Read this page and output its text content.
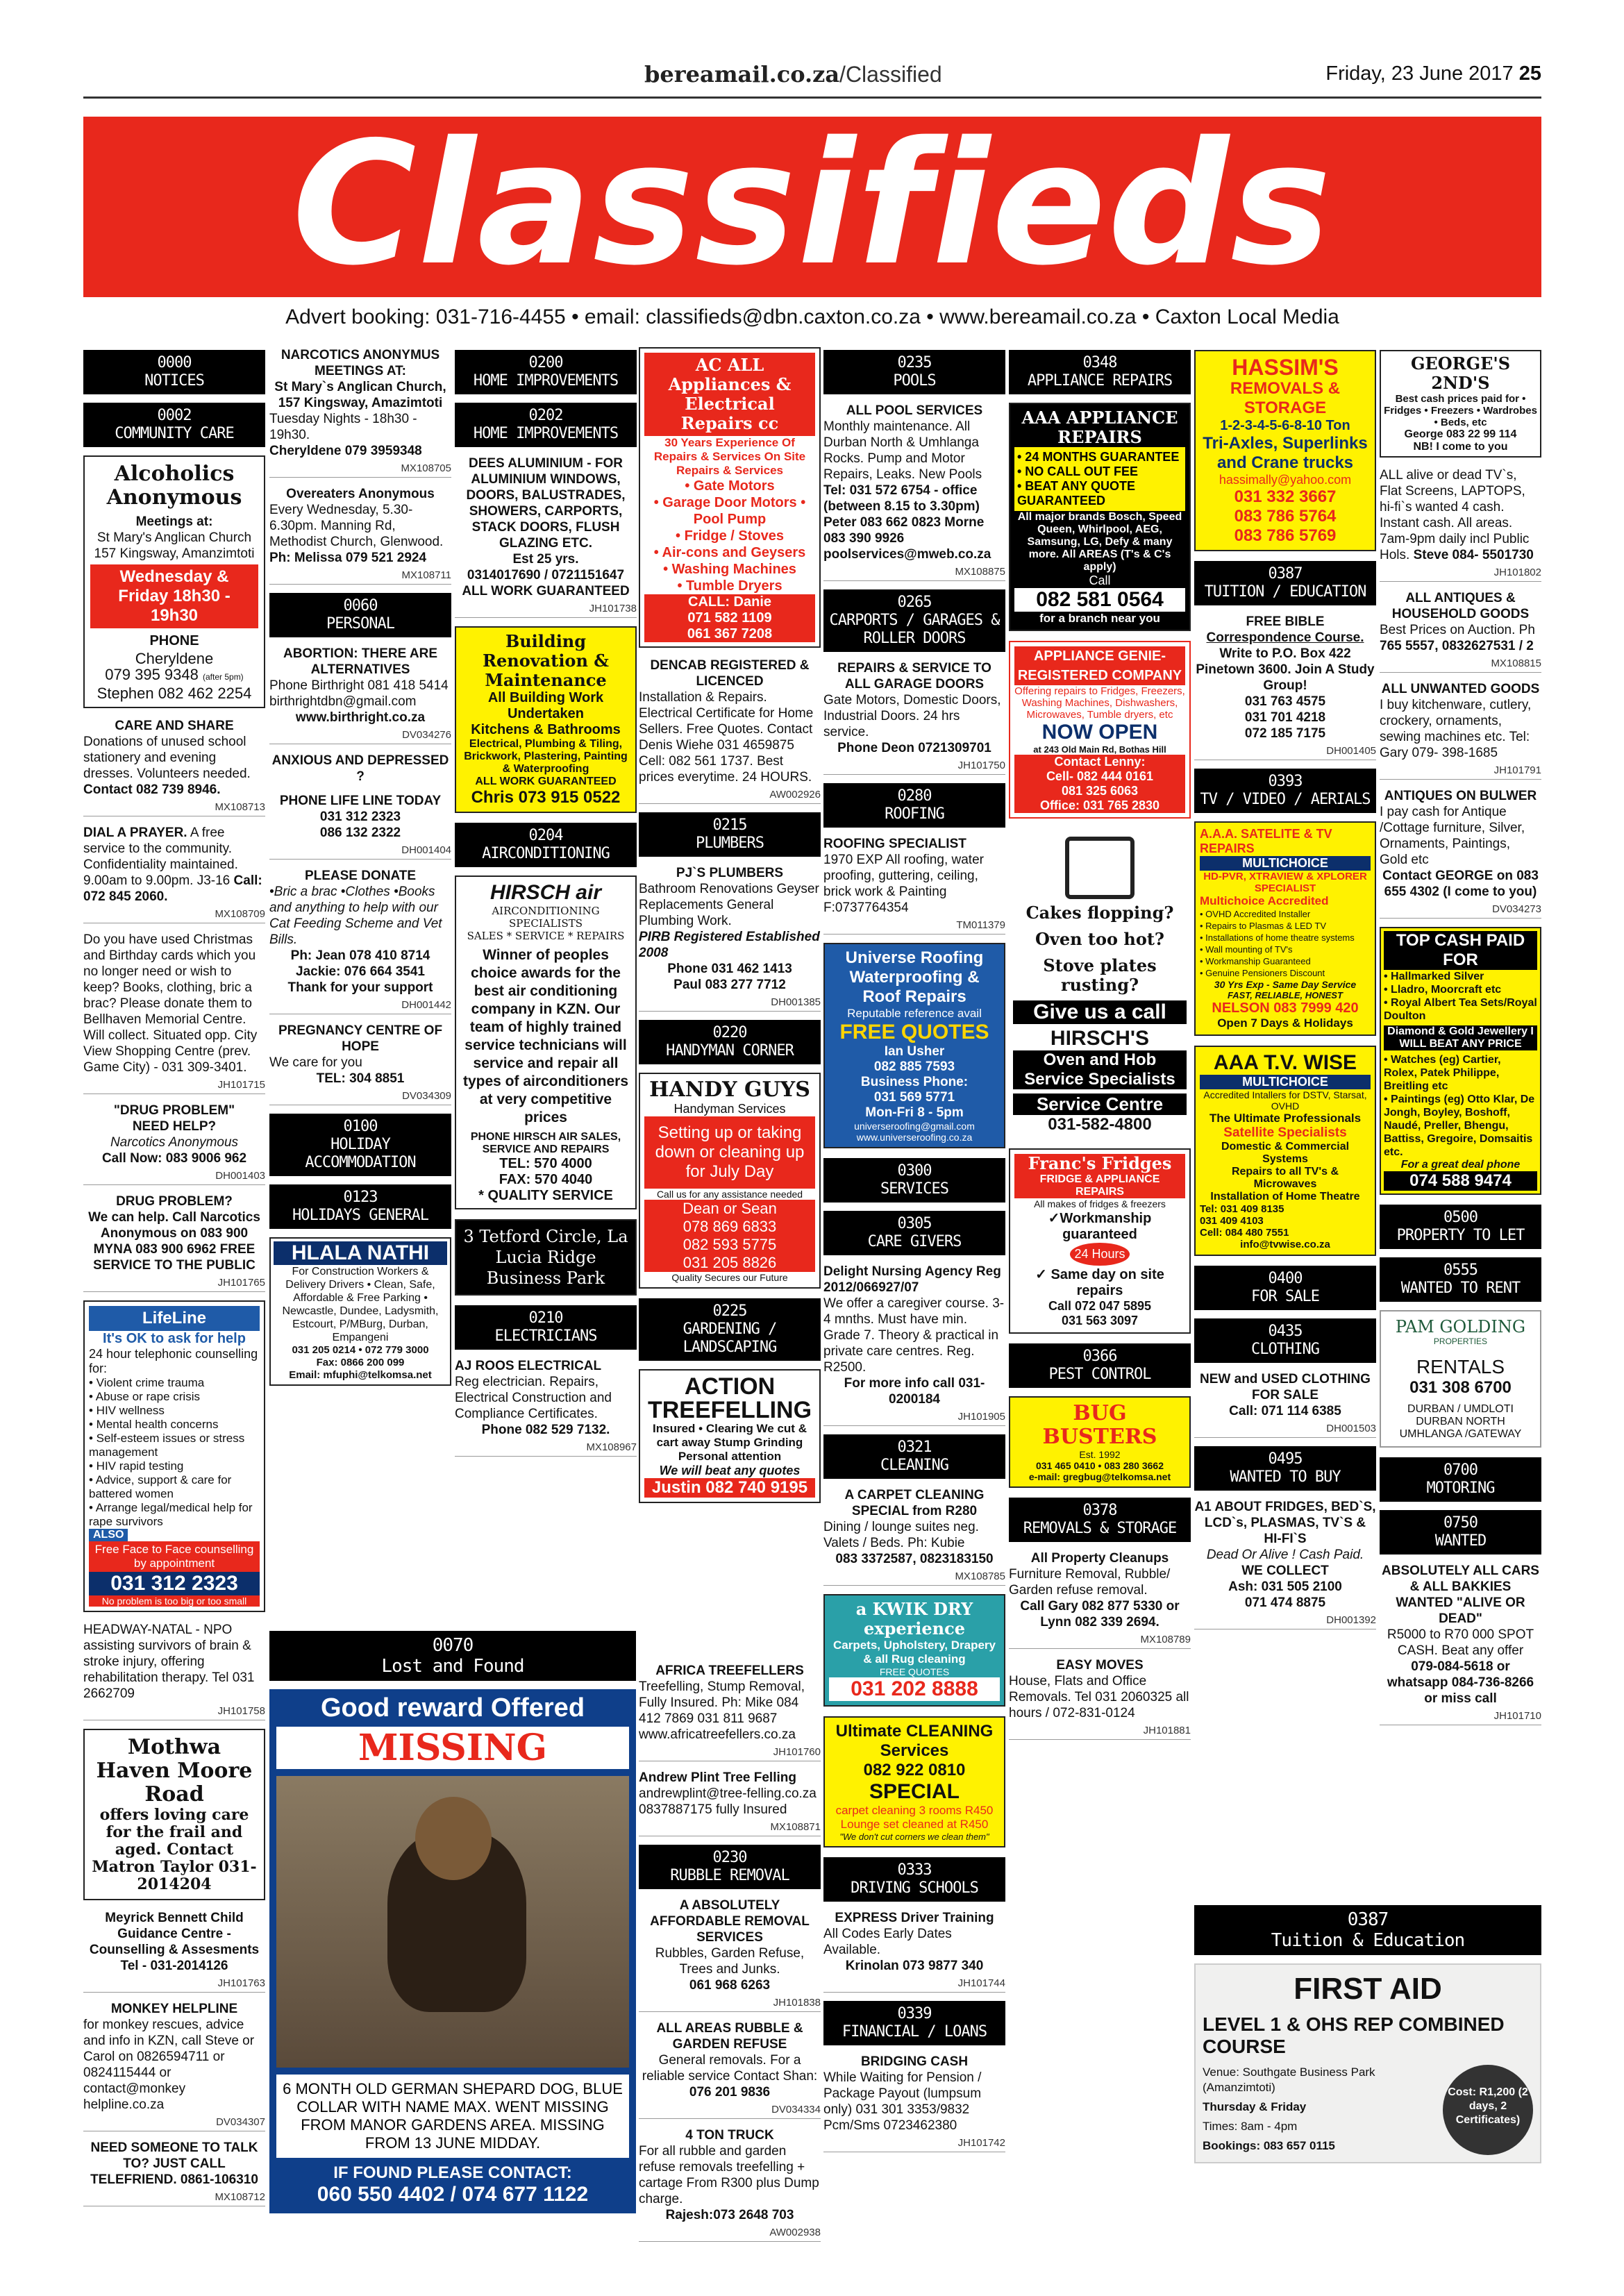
bereamail.co.za/Classified	Friday, 23 June 2017 25
Classifieds
Advert booking: 031-716-4455 • email: classifieds@dbn.caxton.co.za • www.bereamail.co.za • Caxton Local Media
0000
NOTICES
0002
COMMUNITY CARE
Alcoholics Anonymous
Meetings at:
St Mary's Anglican Church 157 Kingsway, Amanzimtoti
Wednesday & Friday 18h30 - 19h30
PHONE
Cheryldene
079 395 9348 (after 5pm)
Stephen 082 462 2254
CARE AND SHARE
Donations of unused school stationery and evening dresses. Volunteers needed. Contact 082 739 8946.
MX108713
DIAL A PRAYER. A free service to the community. Confidentiality maintained. 9.00am to 9.00pm. J3-16 Call: 072 845 2060.
MX108709
Do you have used Christmas and Birthday cards which you no longer need or wish to keep? Books, clothing, bric a brac? Please donate them to Bellhaven Memorial Centre. Will collect. Situated opp. City View Shopping Centre (prev. Game City) - 031 309-3401.
JH101715
"DRUG PROBLEM"
NEED HELP?
Narcotics Anonymous
Call Now: 083 9006 962
DH001403
DRUG PROBLEM?
We can help. Call Narcotics Anonymous on 083 900 MYNA 083 900 6962 FREE SERVICE TO THE PUBLIC
JH101765
LifeLine
It's OK to ask for help
24 hour telephonic counselling for:
• Violent crime trauma
• Abuse or rape crisis
• HIV wellness
• Mental health concerns
• Self-esteem issues or stress management
• HIV rapid testing
• Advice, support & care for battered women
• Arrange legal/medical help for rape survivors
ALSO
Free Face to Face counselling by appointment
031 312 2323
No problem is too big or too small
HEADWAY-NATAL - NPO assisting survivors of brain & stroke injury, offering rehabilitation therapy. Tel 031 2662709
JH101758
Mothwa Haven Moore Road
offers loving care for the frail and aged. Contact Matron Taylor 031-2014204
Meyrick Bennett Child Guidance Centre - Counselling & Assesments
Tel - 031-2014126
JH101763
MONKEY HELPLINE
for monkey rescues, advice and info in KZN, call Steve or Carol on 0826594711 or 0824115444 or contact@monkey helpline.co.za
DV034307
NEED SOMEONE TO TALK TO? JUST CALL TELEFRIEND. 0861-106310
MX108712
NARCOTICS ANONYMUS MEETINGS AT:
St Mary`s Anglican Church, 157 Kingsway, Amazimtoti
Tuesday Nights - 18h30 - 19h30.
Cheryldene 079 3959348
MX108705
Overeaters Anonymous
Every Wednesday, 5.30-6.30pm. Manning Rd, Methodist Church, Glenwood.
Ph: Melissa 079 521 2924
MX108711
0060
PERSONAL
ABORTION: THERE ARE ALTERNATIVES
Phone Birthright 081 418 5414 birthrightdbn@gmail.com
www.birthright.co.za
DV034276
ANXIOUS AND DEPRESSED ?
PHONE LIFE LINE TODAY
031 312 2323
086 132 2322
DH001404
PLEASE DONATE
•Bric a brac •Clothes •Books and anything to help with our Cat Feeding Scheme and Vet Bills.
Ph: Jean 078 410 8714
Jackie: 076 664 3541
Thank for your support
DH001442
PREGNANCY CENTRE OF HOPE
We care for you
TEL: 304 8851
DV034309
0100
HOLIDAY
ACCOMMODATION
0123
HOLIDAYS GENERAL
HLALA NATHI
For Construction Workers & Delivery Drivers • Clean, Safe, Affordable & Free Parking • Newcastle, Dundee, Ladysmith, Estcourt, P/MBurg, Durban, Empangeni
031 205 0214 • 072 779 3000
Fax: 0866 200 099
Email: mfuphi@telkomsa.net
0200
HOME IMPROVEMENTS
0202
HOME IMPROVEMENTS
DEES ALUMINIUM - FOR ALUMINIUM WINDOWS, DOORS, BALUSTRADES, SHOWERS, CARPORTS, STACK DOORS, FLUSH GLAZING ETC.
Est 25 yrs.
0314017690 / 0721151647
ALL WORK GUARANTEED
JH101738
Building Renovation & Maintenance
All Building Work Undertaken
Kitchens & Bathrooms
Electrical, Plumbing & Tiling, Brickwork, Plastering, Painting & Waterproofing
ALL WORK GUARANTEED
Chris 073 915 0522
0204
AIRCONDITIONING
HIRSCH air
AIRCONDITIONING SPECIALISTS
SALES * SERVICE * REPAIRS
Winner of peoples choice awards for the best air conditioning company in KZN. Our team of highly trained service technicians will service and repair all types of airconditioners at very competitive prices
PHONE HIRSCH AIR SALES, SERVICE AND REPAIRS
TEL: 570 4000
FAX: 570 4040
* QUALITY SERVICE
3 Tetford Circle, La Lucia Ridge Business Park
0210
ELECTRICIANS
AJ ROOS ELECTRICAL
Reg electrician. Repairs, Electrical Construction and Compliance Certificates.

Phone 082 529 7132.
MX108967
0070
Lost and Found
Good reward Offered
MISSING
6 MONTH OLD GERMAN SHEPARD DOG, BLUE COLLAR WITH NAME MAX. WENT MISSING FROM MANOR GARDENS AREA. MISSING FROM 13 JUNE MIDDAY.
IF FOUND PLEASE CONTACT:
060 550 4402 / 074 677 1122
AC ALL Appliances & Electrical Repairs cc
30 Years Experience Of Repairs & Services On Site Repairs & Services
• Gate Motors
• Garage Door Motors • Pool Pump
• Fridge / Stoves
• Air-cons and Geysers
• Washing Machines
• Tumble Dryers
CALL: Danie
071 582 1109
061 367 7208
DENCAB REGISTERED & LICENCED
Installation & Repairs. Electrical Certificate for Home Sellers. Free Quotes. Contact Denis Wiehe 031 4659875 Cell: 082 561 1737. Best prices everytime. 24 HOURS.
AW002926
0215
PLUMBERS
PJ`S PLUMBERS
Bathroom Renovations Geyser Replacements General Plumbing Work.
PIRB Registered Established 2008
Phone 031 462 1413
Paul 083 277 7712
DH001385
0220
HANDYMAN CORNER
HANDY GUYS
Handyman Services
Setting up or taking down or cleaning up for July Day
Call us for any assistance needed
Dean or Sean
078 869 6833
082 593 5775
031 205 8826
Quality Secures our Future
0225
GARDENING /
LANDSCAPING
ACTION TREEFELLING
Insured • Clearing We cut & cart away Stump Grinding Personal attention
We will beat any quotes
Justin 082 740 9195
AFRICA TREEFELLERS
Treefelling, Stump Removal, Fully Insured. Ph: Mike 084 412 7869 031 811 9687 www.africatreefellers.co.za
JH101760
Andrew Plint Tree Felling
andrewplint@tree-felling.co.za 0837887175 fully Insured
MX108871
0230
RUBBLE REMOVAL
A ABSOLUTELY AFFORDABLE REMOVAL SERVICES
Rubbles, Garden Refuse, Trees and Junks.
061 968 6263
JH101838
ALL AREAS RUBBLE & GARDEN REFUSE
General removals. For a reliable service Contact Shan:
076 201 9836
DV034334
4 TON TRUCK
For all rubble and garden refuse removals treefelling + cartage From R300 plus Dump charge.
Rajesh:073 2648 703
AW002938
0235
POOLS
ALL POOL SERVICES
Monthly maintenance. All Durban North & Umhlanga Rocks. Pump and Motor Repairs, Leaks. New Pools
Tel: 031 572 6754 - office (between 8.15 to 3.30pm) Peter 083 662 0823 Morne 083 390 9926
poolservices@mweb.co.za
MX108875
0265
CARPORTS / GARAGES &
ROLLER DOORS
REPAIRS & SERVICE TO ALL GARAGE DOORS
Gate Motors, Domestic Doors, Industrial Doors. 24 hrs service.
Phone Deon 0721309701
JH101750
0280
ROOFING
ROOFING SPECIALIST
1970 EXP All roofing, water proofing, guttering, ceiling, brick work & Painting F:0737764354
TM011379
Universe Roofing Waterproofing & Roof Repairs
Reputable reference avail
FREE QUOTES
Ian Usher
082 885 7593
Business Phone:
031 569 5771
Mon-Fri 8 - 5pm
universeroofing@gmail.com www.universeroofing.co.za
0300
SERVICES
0305
CARE GIVERS
Delight Nursing Agency Reg 2012/066927/07
We offer a caregiver course. 3-4 mnths. Must have min. Grade 7. Theory & practical in private care centres. Reg. R2500.
For more info call 031-0200184
JH101905
0321
CLEANING
A CARPET CLEANING SPECIAL from R280
Dining / lounge suites neg. Valets / Beds. Ph: Kubie
083 3372587, 0823183150
MX108785
a KWIK DRY experience
Carpets, Upholstery, Drapery & all Rug cleaning
FREE QUOTES
031 202 8888
Ultimate CLEANING Services
082 922 0810
SPECIAL
carpet cleaning 3 rooms R450 Lounge set cleaned at R450
"We don't cut corners we clean them"
0333
DRIVING SCHOOLS
EXPRESS Driver Training
All Codes Early Dates Available.
Krinolan 073 9877 340
JH101744
0339
FINANCIAL / LOANS
BRIDGING CASH
While Waiting for Pension / Package Payout (lumpsum only) 031 301 3353/9832 Pcm/Sms 0723462380
JH101742
0348
APPLIANCE REPAIRS
AAA APPLIANCE REPAIRS
• 24 MONTHS GUARANTEE
• NO CALL OUT FEE
• BEAT ANY QUOTE GUARANTEED
All major brands Bosch, Speed Queen, Whirlpool, AEG, Samsung, LG, Defy & many more. All AREAS (T's & C's apply)
Call
082 581 0564
for a branch near you
APPLIANCE GENIE-REGISTERED COMPANY
Offering repairs to Fridges, Freezers, Washing Machines, Dishwashers, Microwaves, Tumble dryers, etc
NOW OPEN
at 243 Old Main Rd, Bothas Hill
Contact Lenny:
Cell- 082 444 0161
081 325 6063
Office: 031 765 2830
Cakes flopping?
Oven too hot?
Stove plates rusting?
Give us a call
HIRSCH'S
Oven and Hob Service Specialists
Service Centre
031-582-4800
Franc's Fridges
FRIDGE & APPLIANCE REPAIRS
All makes of fridges & freezers
✓Workmanship guaranteed
24 Hours
✓ Same day on site repairs
Call 072 047 5895
031 563 3097
0366
PEST CONTROL
BUG BUSTERS
Est. 1992
031 465 0410 • 083 280 3662
e-mail: gregbug@telkomsa.net
0378
REMOVALS & STORAGE
All Property Cleanups
Furniture Removal, Rubble/ Garden refuse removal.
Call Gary 082 877 5330 or Lynn 082 339 2694.
MX108789
EASY MOVES
House, Flats and Office Removals. Tel 031 2060325 all hours / 072-831-0124
JH101881
HASSIM'S
REMOVALS & STORAGE
1-2-3-4-5-6-8-10 Ton
Tri-Axles, Superlinks and Crane trucks
hassimally@yahoo.com
031 332 3667
083 786 5764
083 786 5769
0387
TUITION / EDUCATION
FREE BIBLE
Correspondence Course.
Write to P.O. Box 422 Pinetown 3600. Join A Study Group!
031 763 4575
031 701 4218
072 185 7175
DH001405
0393
TV / VIDEO / AERIALS
A.A.A. SATELITE & TV REPAIRS
MULTICHOICE
HD-PVR, XTRAVIEW & XPLORER SPECIALIST
Multichoice Accredited
• OVHD Accredited Installer
• Repairs to Plasmas & LED TV
• Installations of home theatre systems
• Wall mounting of TV's
• Workmanship Guaranteed
• Genuine Pensioners Discount
30 Yrs Exp - Same Day Service
FAST, RELIABLE, HONEST
NELSON 083 7999 420
Open 7 Days & Holidays
AAA T.V. WISE
MULTICHOICE
Accredited Intallers for DSTV, Starsat, OVHD
The Ultimate Professionals
Satellite Specialists
Domestic & Commercial Systems
Repairs to all TV's & Microwaves
Installation of Home Theatre
Tel: 031 409 8135
031 409 4103
Cell: 084 480 7551
info@tvwise.co.za
0400
FOR SALE
0435
CLOTHING
NEW and USED CLOTHING FOR SALE
Call: 071 114 6385
DH001503
0495
WANTED TO BUY
A1 ABOUT FRIDGES, BED`S, LCD`s, PLASMAS, TV`S & HI-FI`S
Dead Or Alive ! Cash Paid.
WE COLLECT
Ash: 031 505 2100
071 474 8875
DH001392
GEORGE'S 2ND'S
Best cash prices paid for • Fridges • Freezers • Wardrobes • Beds, etc
George 083 22 99 114
NB! I come to you
ALL alive or dead TV`s, Flat Screens, LAPTOPS, hi-fi`s wanted 4 cash. Instant cash. All areas. 7am-9pm daily incl Public Hols. Steve 084- 5501730
JH101802
ALL ANTIQUES & HOUSEHOLD GOODS
Best Prices on Auction. Ph
765 5557, 0832627531 / 2
MX108815
ALL UNWANTED GOODS
I buy kitchenware, cutlery, crockery, ornaments, sewing machines etc. Tel: Gary 079- 398-1685
JH101791
ANTIQUES ON BULWER
I pay cash for Antique /Cottage furniture, Silver, Ornaments, Paintings, Gold etc
Contact GEORGE on 083 655 4302 (I come to you)
DV034273
TOP CASH PAID FOR
• Hallmarked Silver
• Lladro, Moorcraft etc
• Royal Albert Tea Sets/Royal Doulton
Diamond & Gold Jewellery I WILL BEAT ANY PRICE
• Watches (eg) Cartier, Rolex, Patek Philippe, Breitling etc
• Paintings (eg) Otto Klar, De Jongh, Boyley, Boshoff, Naudé, Preller, Bhengu, Battiss, Gregoire, Domsaitis etc.
For a great deal phone
074 588 9474
0500
PROPERTY TO LET
0555
WANTED TO RENT
PAM GOLDING
PROPERTIES
RENTALS
031 308 6700
DURBAN / UMDLOTI
DURBAN NORTH
UMHLANGA /GATEWAY
0700
MOTORING
0750
WANTED
ABSOLUTELY ALL CARS & ALL BAKKIES WANTED "ALIVE OR DEAD"
R5000 to R70 000 SPOT CASH. Beat any offer
079-084-5618 or whatsapp 084-736-8266 or miss call
JH101710
0387
Tuition & Education
FIRST AID
LEVEL 1 & OHS REP COMBINED COURSE
Venue: Southgate Business Park (Amanzimtoti)
Thursday & Friday
Times: 8am - 4pm
Bookings: 083 657 0115
Cost: R1,200 (2 days, 2 Certificates)
